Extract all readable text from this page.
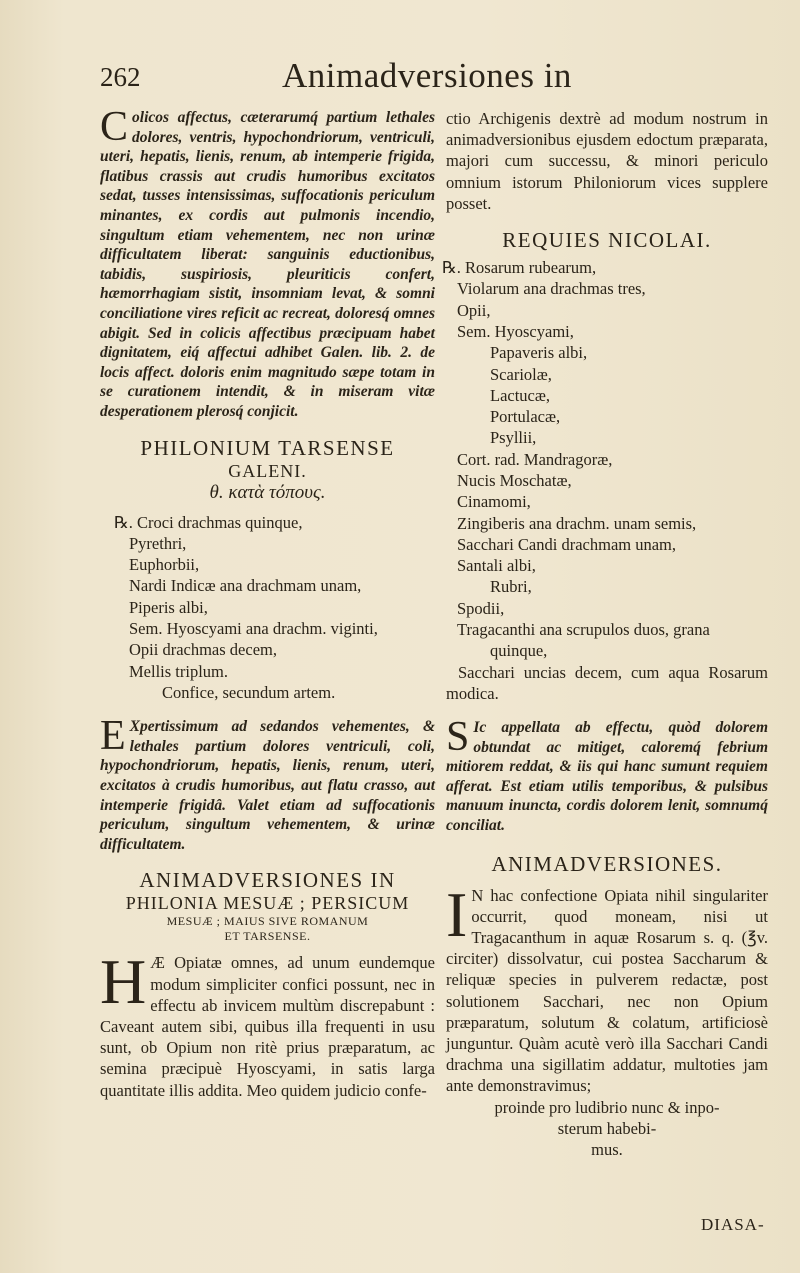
262	Animadversiones in

Colicos affectus, cæterarumq́ partium lethales dolores, ventris, hypochondriorum, ventriculi, uteri, hepatis, lienis, renum, ab intemperie frigida, flatibus crassis aut crudis humoribus excitatos sedat, tusses intensissimas, suffocationis periculum minantes, ex cordis aut pulmonis incendio, singultum etiam vehementem, nec non urinæ difficultatem liberat: sanguinis eductionibus, tabidis, suspiriosis, pleuriticis confert, hæmorrhagiam sistit, insomniam levat, & somni conciliatione vires reficit ac recreat, doloresq́ omnes abigit. Sed in colicis affectibus præcipuam habet dignitatem, eiq́ affectui adhibet Galen. lib. 2. de locis affect. doloris enim magnitudo sæpe totam in se curationem intendit, & in miseram vitæ desperationem plerosq́ conjicit.

PHILONIUM TARSENSE
GALENI.
θ. κατὰ τόπους.
℞. Croci drachmas quinque,
Pyrethri,
Euphorbii,
Nardi Indicæ ana drachmam unam,
Piperis albi,
Sem. Hyoscyami ana drachm. viginti,
Opii drachmas decem,
Mellis triplum.
Confice, secundum artem.

E Xpertissimum ad sedandos vehementes, & lethales partium dolores ventriculi, coli, hypochondriorum, hepatis, lienis, renum, uteri, excitatos à crudis humoribus, aut flatu crasso, aut intemperie frigidâ. Valet etiam ad suffocationis periculum, singultum vehementem, & urinæ difficultatem.

ANIMADVERSIONES IN
PHILONIA MESUÆ ; PERSICUM
MESUÆ ; MAIUS SIVE ROMANUM
ET TARSENSE.

H Æ Opiatæ omnes, ad unum eundemque modum simpliciter confici possunt, nec in effectu ab invicem multùm discrepabunt : Caveant autem sibi, quibus illa frequenti in usu sunt, ob Opium non ritè prius præparatum, ac semina præcipuè Hyoscyami, in satis larga quantitate illis addita. Meo quidem judicio confe-

ctio Archigenis dextrè ad modum nostrum in animadversionibus ejusdem edoctum præparata, majori cum successu, & minori periculo omnium istorum Philoniorum vices supplere posset.

REQUIES NICOLAI.
℞. Rosarum rubearum,
Violarum ana drachmas tres,
Opii,
Sem. Hyoscyami,
Papaveris albi,
Scariolæ,
Lactucæ,
Portulacæ,
Psyllii,
Cort. rad. Mandragoræ,
Nucis Moschatæ,
Cinamomi,
Zingiberis ana drachm. unam semis,
Sacchari Candi drachmam unam,
Santali albi,
Rubri,
Spodii,
Tragacanthi ana scrupulos duos, grana
quinque,

Sacchari uncias decem, cum aqua Rosarum modica.

S Ic appellata ab effectu, quòd dolorem obtundat ac mitiget, caloremq́ febrium mitiorem reddat, & iis qui hanc sumunt requiem afferat. Est etiam utilis temporibus, & pulsibus manuum inuncta, cordis dolorem lenit, somnumq́ conciliat.

ANIMADVERSIONES.

I N hac confectione Opiata nihil singulariter occurrit, quod moneam, nisi ut Tragacanthum in aquæ Rosarum s. q. (℥v. circiter) dissolvatur, cui postea Saccharum & reliquæ species in pulverem redactæ, post solutionem Sacchari, nec non Opium præparatum, solutum & colatum, artificiosè junguntur. Quàm acutè verò illa Sacchari Candi drachma una sigillatim addatur, multoties jam ante demonstravimus;

proinde pro ludibrio nunc & inpo-
sterum habebi-
mus.
DIASA-
